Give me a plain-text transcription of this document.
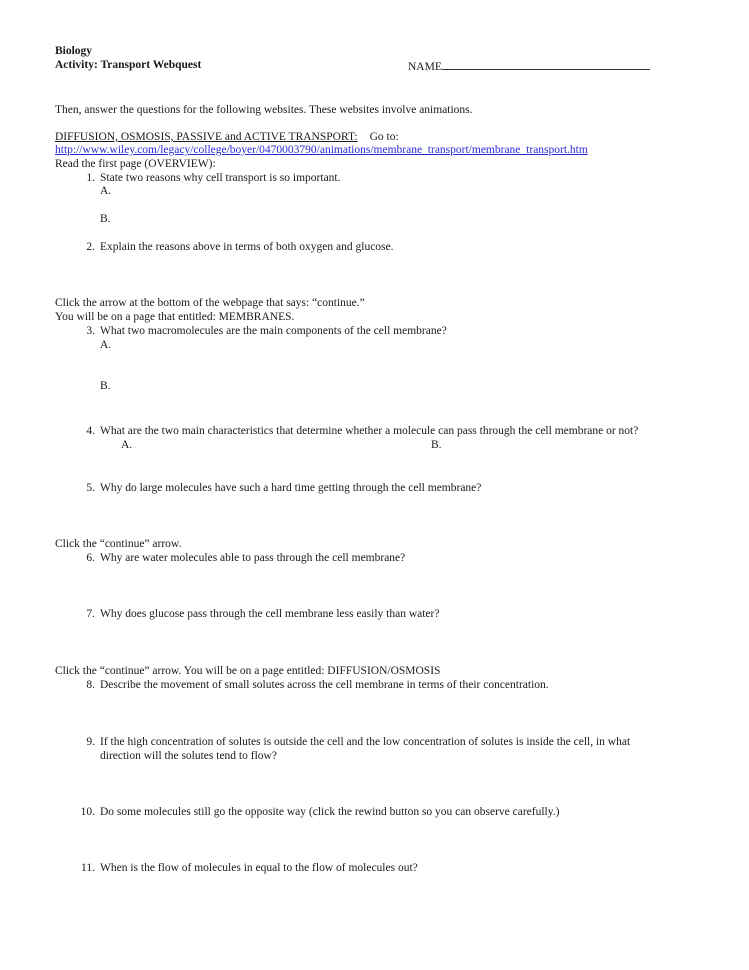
Biology
Activity: Transport Webquest	NAME
Then, answer the questions for the following websites. These websites involve animations.
DIFFUSION, OSMOSIS, PASSIVE and ACTIVE TRANSPORT: Go to:
http://www.wiley.com/legacy/college/boyer/0470003790/animations/membrane_transport/membrane_transport.htm
Read the first page (OVERVIEW):
1. State two reasons why cell transport is so important.
A.
B.
2. Explain the reasons above in terms of both oxygen and glucose.
Click the arrow at the bottom of the webpage that says: “continue.”
You will be on a page that entitled: MEMBRANES.
3. What two macromolecules are the main components of the cell membrane?
A.
B.
4. What are the two main characteristics that determine whether a molecule can pass through the cell membrane or not?
A.	B.
5. Why do large molecules have such a hard time getting through the cell membrane?
Click the “continue” arrow.
6. Why are water molecules able to pass through the cell membrane?
7. Why does glucose pass through the cell membrane less easily than water?
Click the “continue” arrow. You will be on a page entitled: DIFFUSION/OSMOSIS
8. Describe the movement of small solutes across the cell membrane in terms of their concentration.
9. If the high concentration of solutes is outside the cell and the low concentration of solutes is inside the cell, in what
direction will the solutes tend to flow?
10. Do some molecules still go the opposite way (click the rewind button so you can observe carefully.)
11. When is the flow of molecules in equal to the flow of molecules out?
